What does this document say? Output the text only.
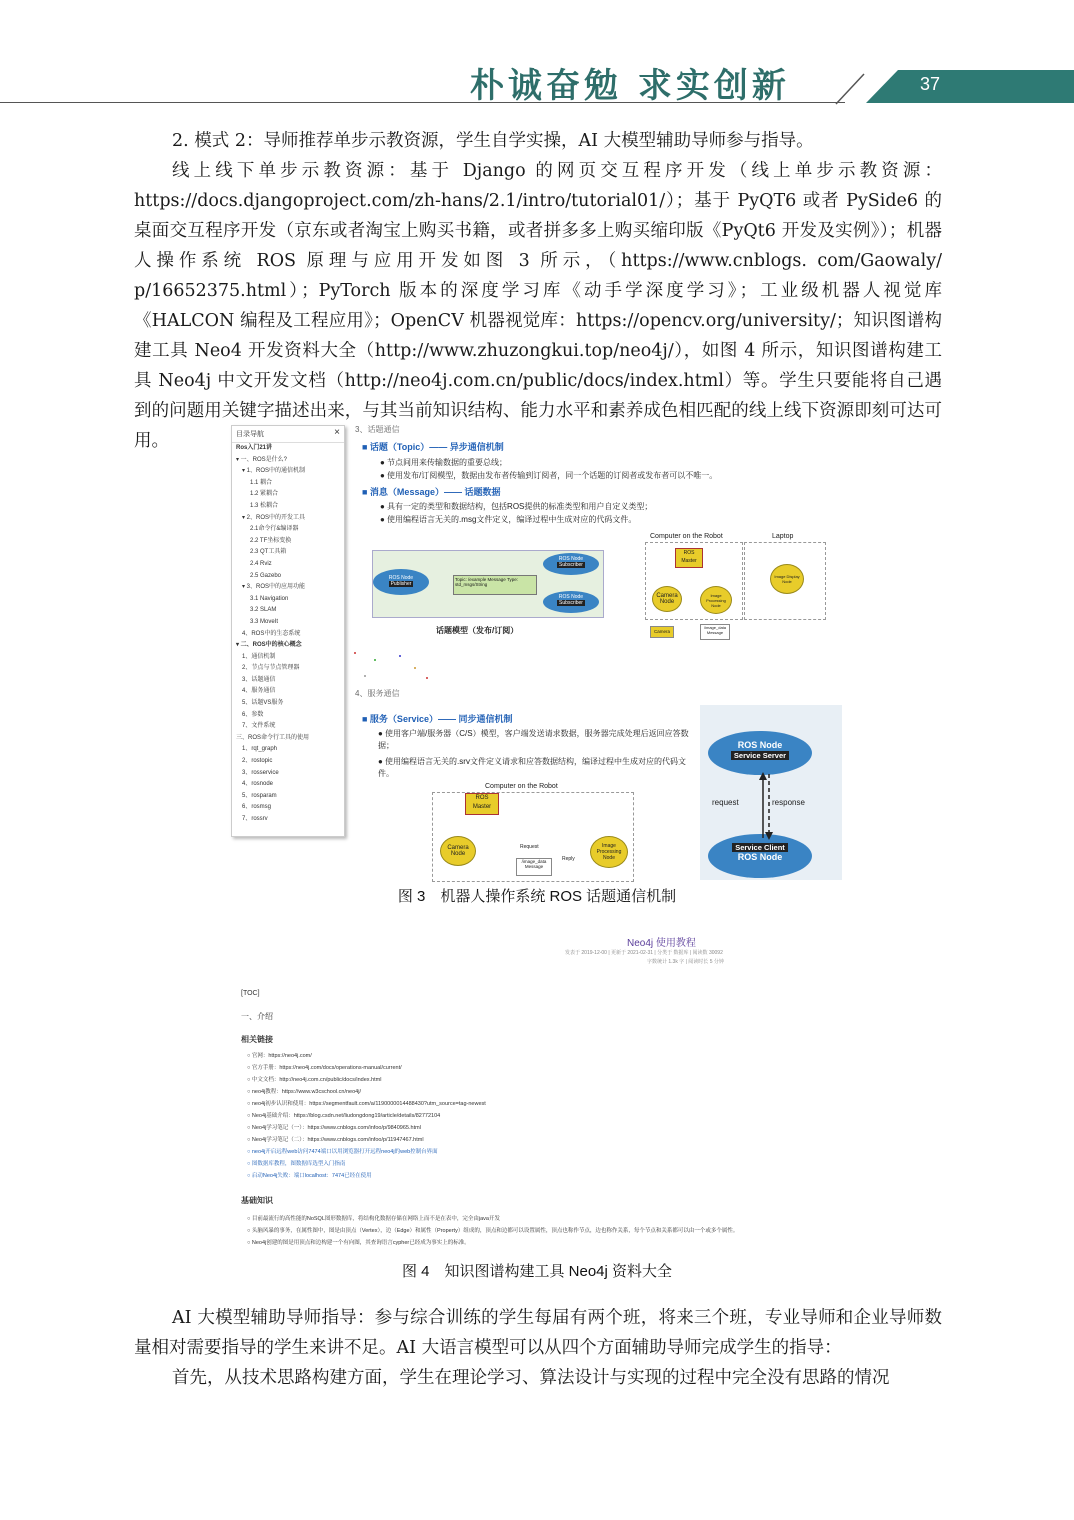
朴诚奋勉 求实创新	37

2. 模式 2：导师推荐单步示教资源，学生自学实操，AI 大模型辅助导师参与指导。

线上线下单步示教资源：基于 Django 的网页交互程序开发（线上单步示教资源：https://docs.djangoproject.com/zh-hans/2.1/intro/tutorial01/）；基于 PyQT6 或者 PySide6 的桌面交互程序开发（京东或者淘宝上购买书籍，或者拼多多上购买缩印版《PyQt6 开发及实例》）；机器人操作系统 ROS 原理与应用开发如图 3 所示，（https://www.cnblogs. com/Gaowaly/ p/16652375.html）；PyTorch 版本的深度学习库《动手学深度学习》；工业级机器人视觉库《HALCON 编程及工程应用》；OpenCV 机器视觉库：https://opencv.org/university/；知识图谱构建工具 Neo4 开发资料大全（http://www.zhuzongkui.top/neo4j/），如图 4 所示，知识图谱构建工具 Neo4j 中文开发文档（http://neo4j.com.cn/public/docs/index.html）等。学生只要能将自己遇到的问题用关键字描述出来，与其当前知识结构、能力水平和素养成色相匹配的线上线下资源即刻可达可用。	目录导航	×
Ros入门21讲
▾ 一、ROS是什么?
▾ 1、ROS中的通信机制
1.1 耦合
1.2 紧耦合
1.3 松耦合
▾ 2、ROS中的开发工具
2.1命令行&编译器
2.2 TF坐标变换
2.3 QT工具箱
2.4 Rviz
2.5 Gazebo
▾ 3、ROS中的应用功能
3.1 Navigation
3.2 SLAM
3.3 MoveIt
4、ROS中的生态系统
▾ 二、ROS中的核心概念
1、通信机制
2、节点与节点管理器
3、话题通信
4、服务通信
5、话题VS服务
6、参数
7、文件系统
三、ROS命令行工具的使用
1、rqt_graph
2、rostopic
3、rosservice
4、rosnode
5、rosparam
6、rosmsg
7、rossrv
3、话题通信
■ 话题（Topic）—— 异步通信机制
● 节点间用来传输数据的重要总线；
● 使用发布/订阅模型，数据由发布者传输到订阅者，同一个话题的订阅者或发布者可以不唯一。
■ 消息（Message）—— 话题数据
● 具有一定的类型和数据结构，包括ROS提供的标准类型和用户自定义类型；
● 使用编程语言无关的.msg文件定义，编译过程中生成对应的代码文件。
ROS Node
Publisher
Topic: /example Message Type: std_msgs/String
ROS Node
Subscriber
ROS Node
Subscriber
话题模型（发布/订阅）
Computer on the Robot	Laptop
ROS Master
Camera Node
Image Processing Node
Image Display Node
Camera
/image_data Message
4、服务通信
■ 服务（Service）—— 同步通信机制
● 使用客户端/服务器（C/S）模型，客户端发送请求数据，服务器完成处理后返回应答数据；
● 使用编程语言无关的.srv文件定义请求和应答数据结构，编译过程中生成对应的代码文件。
Computer on the Robot
ROS Master
Camera Node
Image Processing Node
Request
Reply
/image_data Message
ROS Node
Service Server
Service Client
ROS Node
request	response
图 3　机器人操作系统 ROS 话题通信机制
Neo4j 使用教程
发表于 2019-12-00 | 更新于 2021-02-31 | 分类于 数据库 | 阅读数 30092
字数统计 1.3k 字 | 阅读时长 5 分钟
[TOC]
一、介绍
相关链接
○ 官网：https://neo4j.com/
○ 官方手册：https://neo4j.com/docs/operations-manual/current/
○ 中文文档：http://neo4j.com.cn/public/docs/index.html
○ neo4j教程：https://www.w3cschool.cn/neo4j/
○ neo4j初步认识和使用：https://segmentfault.com/a/1190000014488430?utm_source=tag-newest
○ Neo4j基础介绍：https://blog.csdn.net/liudongdong19/article/details/82772104
○ Neo4j学习笔记（一）：https://www.cnblogs.com/infoo/p/9840965.html
○ Neo4j学习笔记（二）：https://www.cnblogs.com/infoo/p/11947467.html
○ neo4j开启远程web访问7474端口以用浏览器打开远程neo4j的web控制台界面
○ 图数据库教程，图数据库选型入门指南
○ 启动Neo4j失败：端口localhost：7474已经在使用
基础知识
○ 目前最流行的高性能的NoSQL图形数据库，将结构化数据存储在网络上而不是在表中，完全由java开发
○ 头脑风暴的事务，在属性图中，图是由顶点（Vertex），边（Edge）和属性（Property）组成的，顶点和边都可以设置属性，顶点也称作节点，边也称作关系，每个节点和关系都可以由一个或多个属性。
○ Neo4j创建的图是用顶点和边构建一个有向图，其查询语言cypher已经成为事实上的标准。
图 4　知识图谱构建工具 Neo4j 资料大全

AI 大模型辅助导师指导：参与综合训练的学生每届有两个班，将来三个班，专业导师和企业导师数量相对需要指导的学生来讲不足。AI 大语言模型可以从四个方面辅助导师完成学生的指导：

首先，从技术思路构建方面，学生在理论学习、算法设计与实现的过程中完全没有思路的情况
